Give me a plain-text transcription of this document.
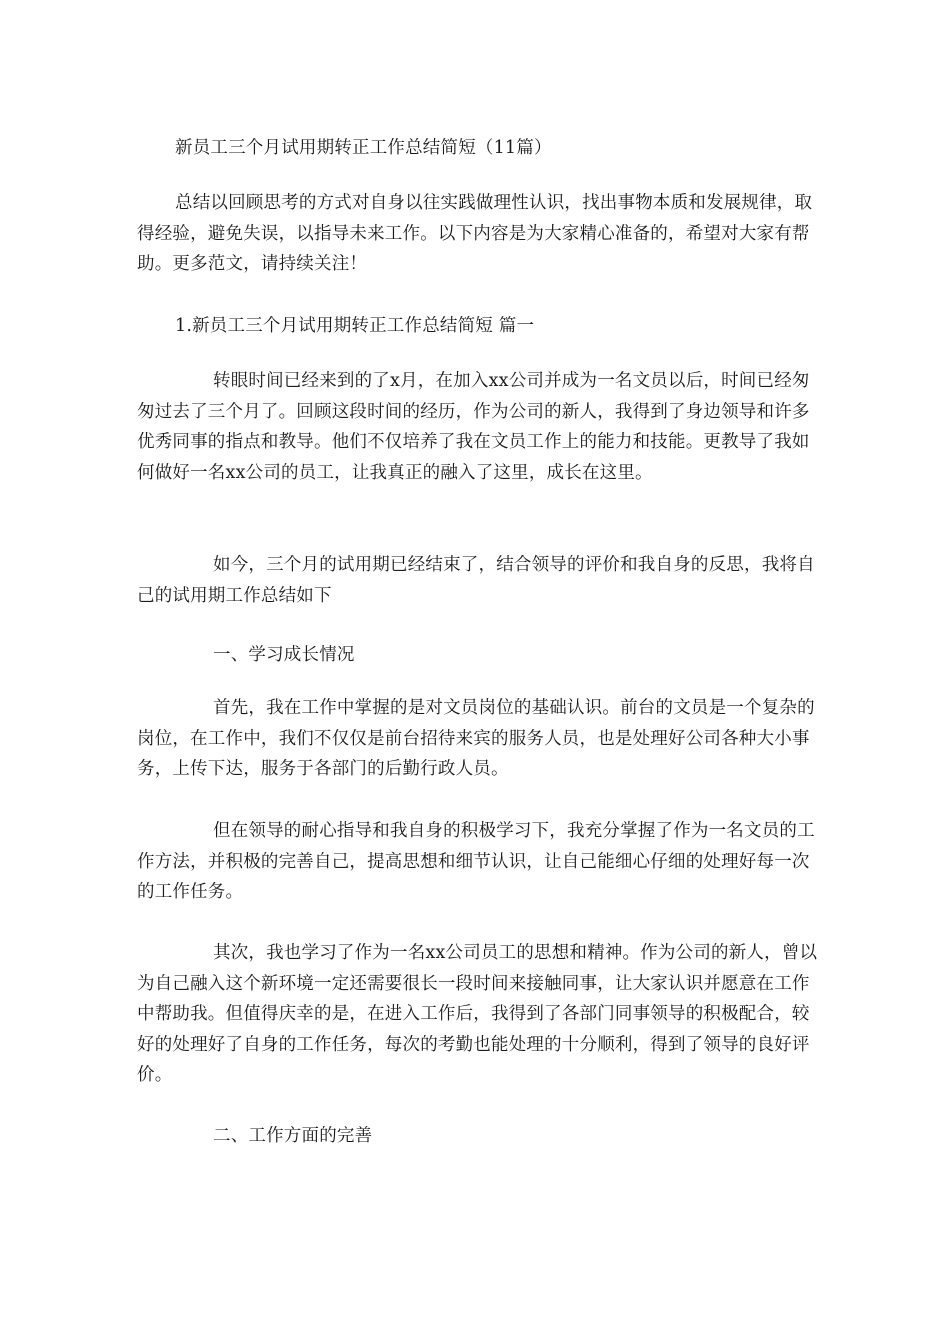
新员工三个月试用期转正工作总结简短（11篇）

总结以回顾思考的方式对自身以往实践做理性认识，找出事物本质和发展规律，取得经验，避免失误，以指导未来工作。以下内容是为大家精心准备的，希望对大家有帮助。更多范文，请持续关注！

1.新员工三个月试用期转正工作总结简短 篇一

转眼时间已经来到的了x月，在加入xx公司并成为一名文员以后，时间已经匆匆过去了三个月了。回顾这段时间的经历，作为公司的新人，我得到了身边领导和许多优秀同事的指点和教导。他们不仅培养了我在文员工作上的能力和技能。更教导了我如何做好一名xx公司的员工，让我真正的融入了这里，成长在这里。

如今，三个月的试用期已经结束了，结合领导的评价和我自身的反思，我将自己的试用期工作总结如下

一、学习成长情况

首先，我在工作中掌握的是对文员岗位的基础认识。前台的文员是一个复杂的岗位，在工作中，我们不仅仅是前台招待来宾的服务人员，也是处理好公司各种大小事务，上传下达，服务于各部门的后勤行政人员。

但在领导的耐心指导和我自身的积极学习下，我充分掌握了作为一名文员的工作方法，并积极的完善自己，提高思想和细节认识，让自己能细心仔细的处理好每一次的工作任务。

其次，我也学习了作为一名xx公司员工的思想和精神。作为公司的新人，曾以为自己融入这个新环境一定还需要很长一段时间来接触同事，让大家认识并愿意在工作中帮助我。但值得庆幸的是，在进入工作后，我得到了各部门同事领导的积极配合，较好的处理好了自身的工作任务，每次的考勤也能处理的十分顺利，得到了领导的良好评价。

二、工作方面的完善
